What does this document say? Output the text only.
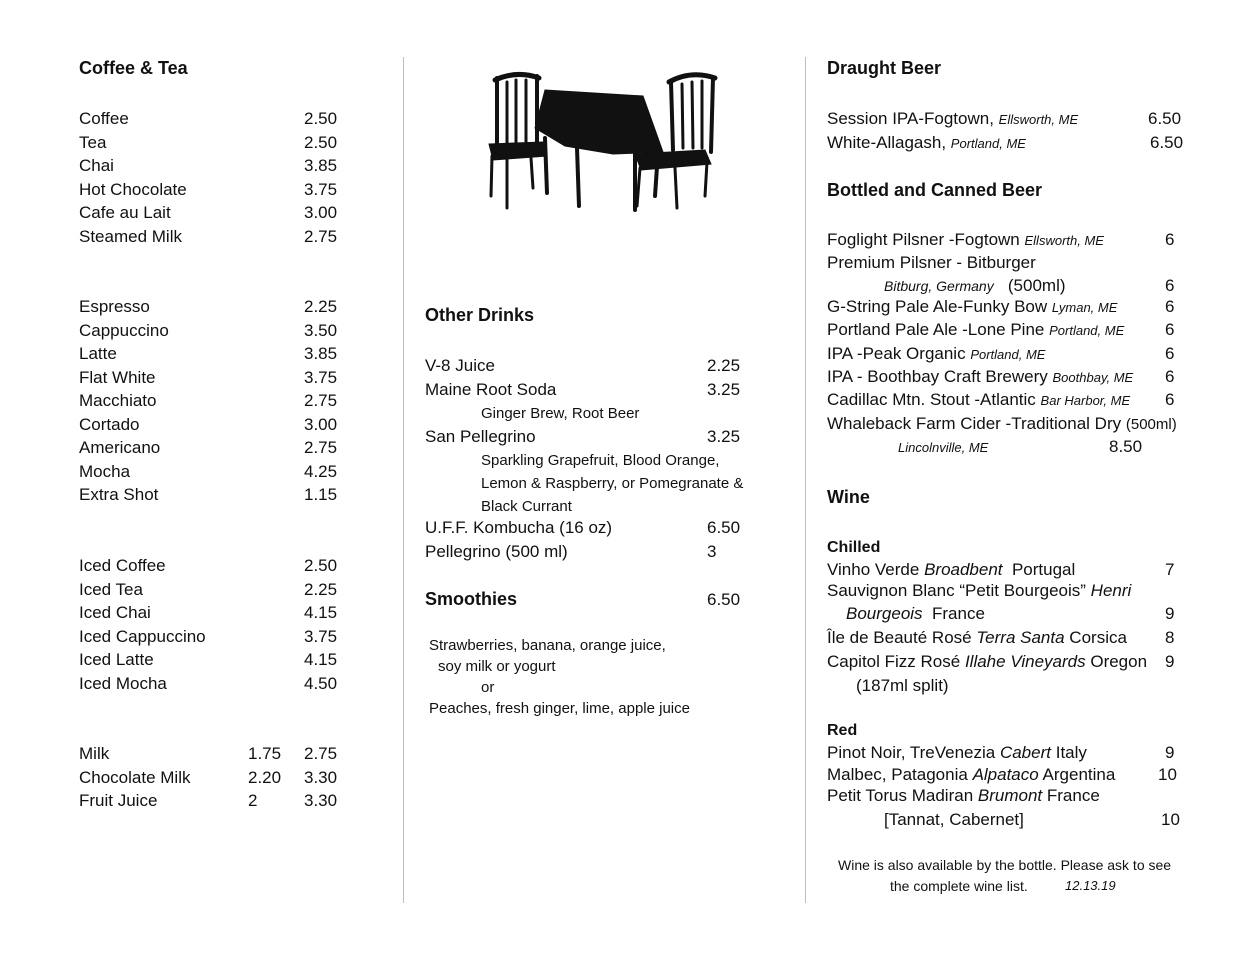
Coffee & Tea
Coffee	2.50
Tea	2.50
Chai	3.85
Hot Chocolate	3.75
Cafe au Lait	3.00
Steamed Milk	2.75
Espresso	2.25
Cappuccino	3.50
Latte	3.85
Flat White	3.75
Macchiato	2.75
Cortado	3.00
Americano	2.75
Mocha	4.25
Extra Shot	1.15
Iced Coffee	2.50
Iced Tea	2.25
Iced Chai	4.15
Iced Cappuccino	3.75
Iced Latte	4.15
Iced Mocha	4.50
Milk	1.75 2.75
Chocolate Milk	2.20 3.30
Fruit Juice	2	3.30
Other Drinks
V-8 Juice	2.25
Maine Root Soda	3.25
Ginger Brew, Root Beer
San Pellegrino	3.25
Sparkling Grapefruit, Blood Orange,
Lemon & Raspberry, or Pomegranate &
Black Currant
U.F.F. Kombucha (16 oz)	6.50
Pellegrino (500 ml)	3
Smoothies	6.50
Strawberries, banana, orange juice,
soy milk or yogurt
or
Peaches, fresh ginger, lime, apple juice
Draught Beer
Session IPA-Fogtown, Ellsworth, ME	6.50
White-Allagash, Portland, ME	6.50
Bottled and Canned Beer
Foglight Pilsner -Fogtown Ellsworth, ME	6
Premium Pilsner - Bitburger
Bitburg, Germany (500ml)	6
G-String Pale Ale-Funky Bow Lyman, ME	6
Portland Pale Ale -Lone Pine Portland, ME 6
IPA -Peak Organic Portland, ME	6
IPA - Boothbay Craft Brewery Boothbay, ME 6
Cadillac Mtn. Stout -Atlantic Bar Harbor, ME 6
Whaleback Farm Cider -Traditional Dry (500ml)
Lincolnville, ME	8.50
Wine
Chilled
Vinho Verde Broadbent Portugal	7
Sauvignon Blanc “Petit Bourgeois” Henri
Bourgeois France	9
Île de Beauté Rosé Terra Santa Corsica 8
Capitol Fizz Rosé Illahe Vineyards Oregon 9
(187ml split)
Red
Pinot Noir, TreVenezia Cabert Italy	9
Malbec, Patagonia Alpataco Argentina	10
Petit Torus Madiran Brumont France
[Tannat, Cabernet]	10
Wine is also available by the bottle. Please ask to see
the complete wine list.	12.13.19
